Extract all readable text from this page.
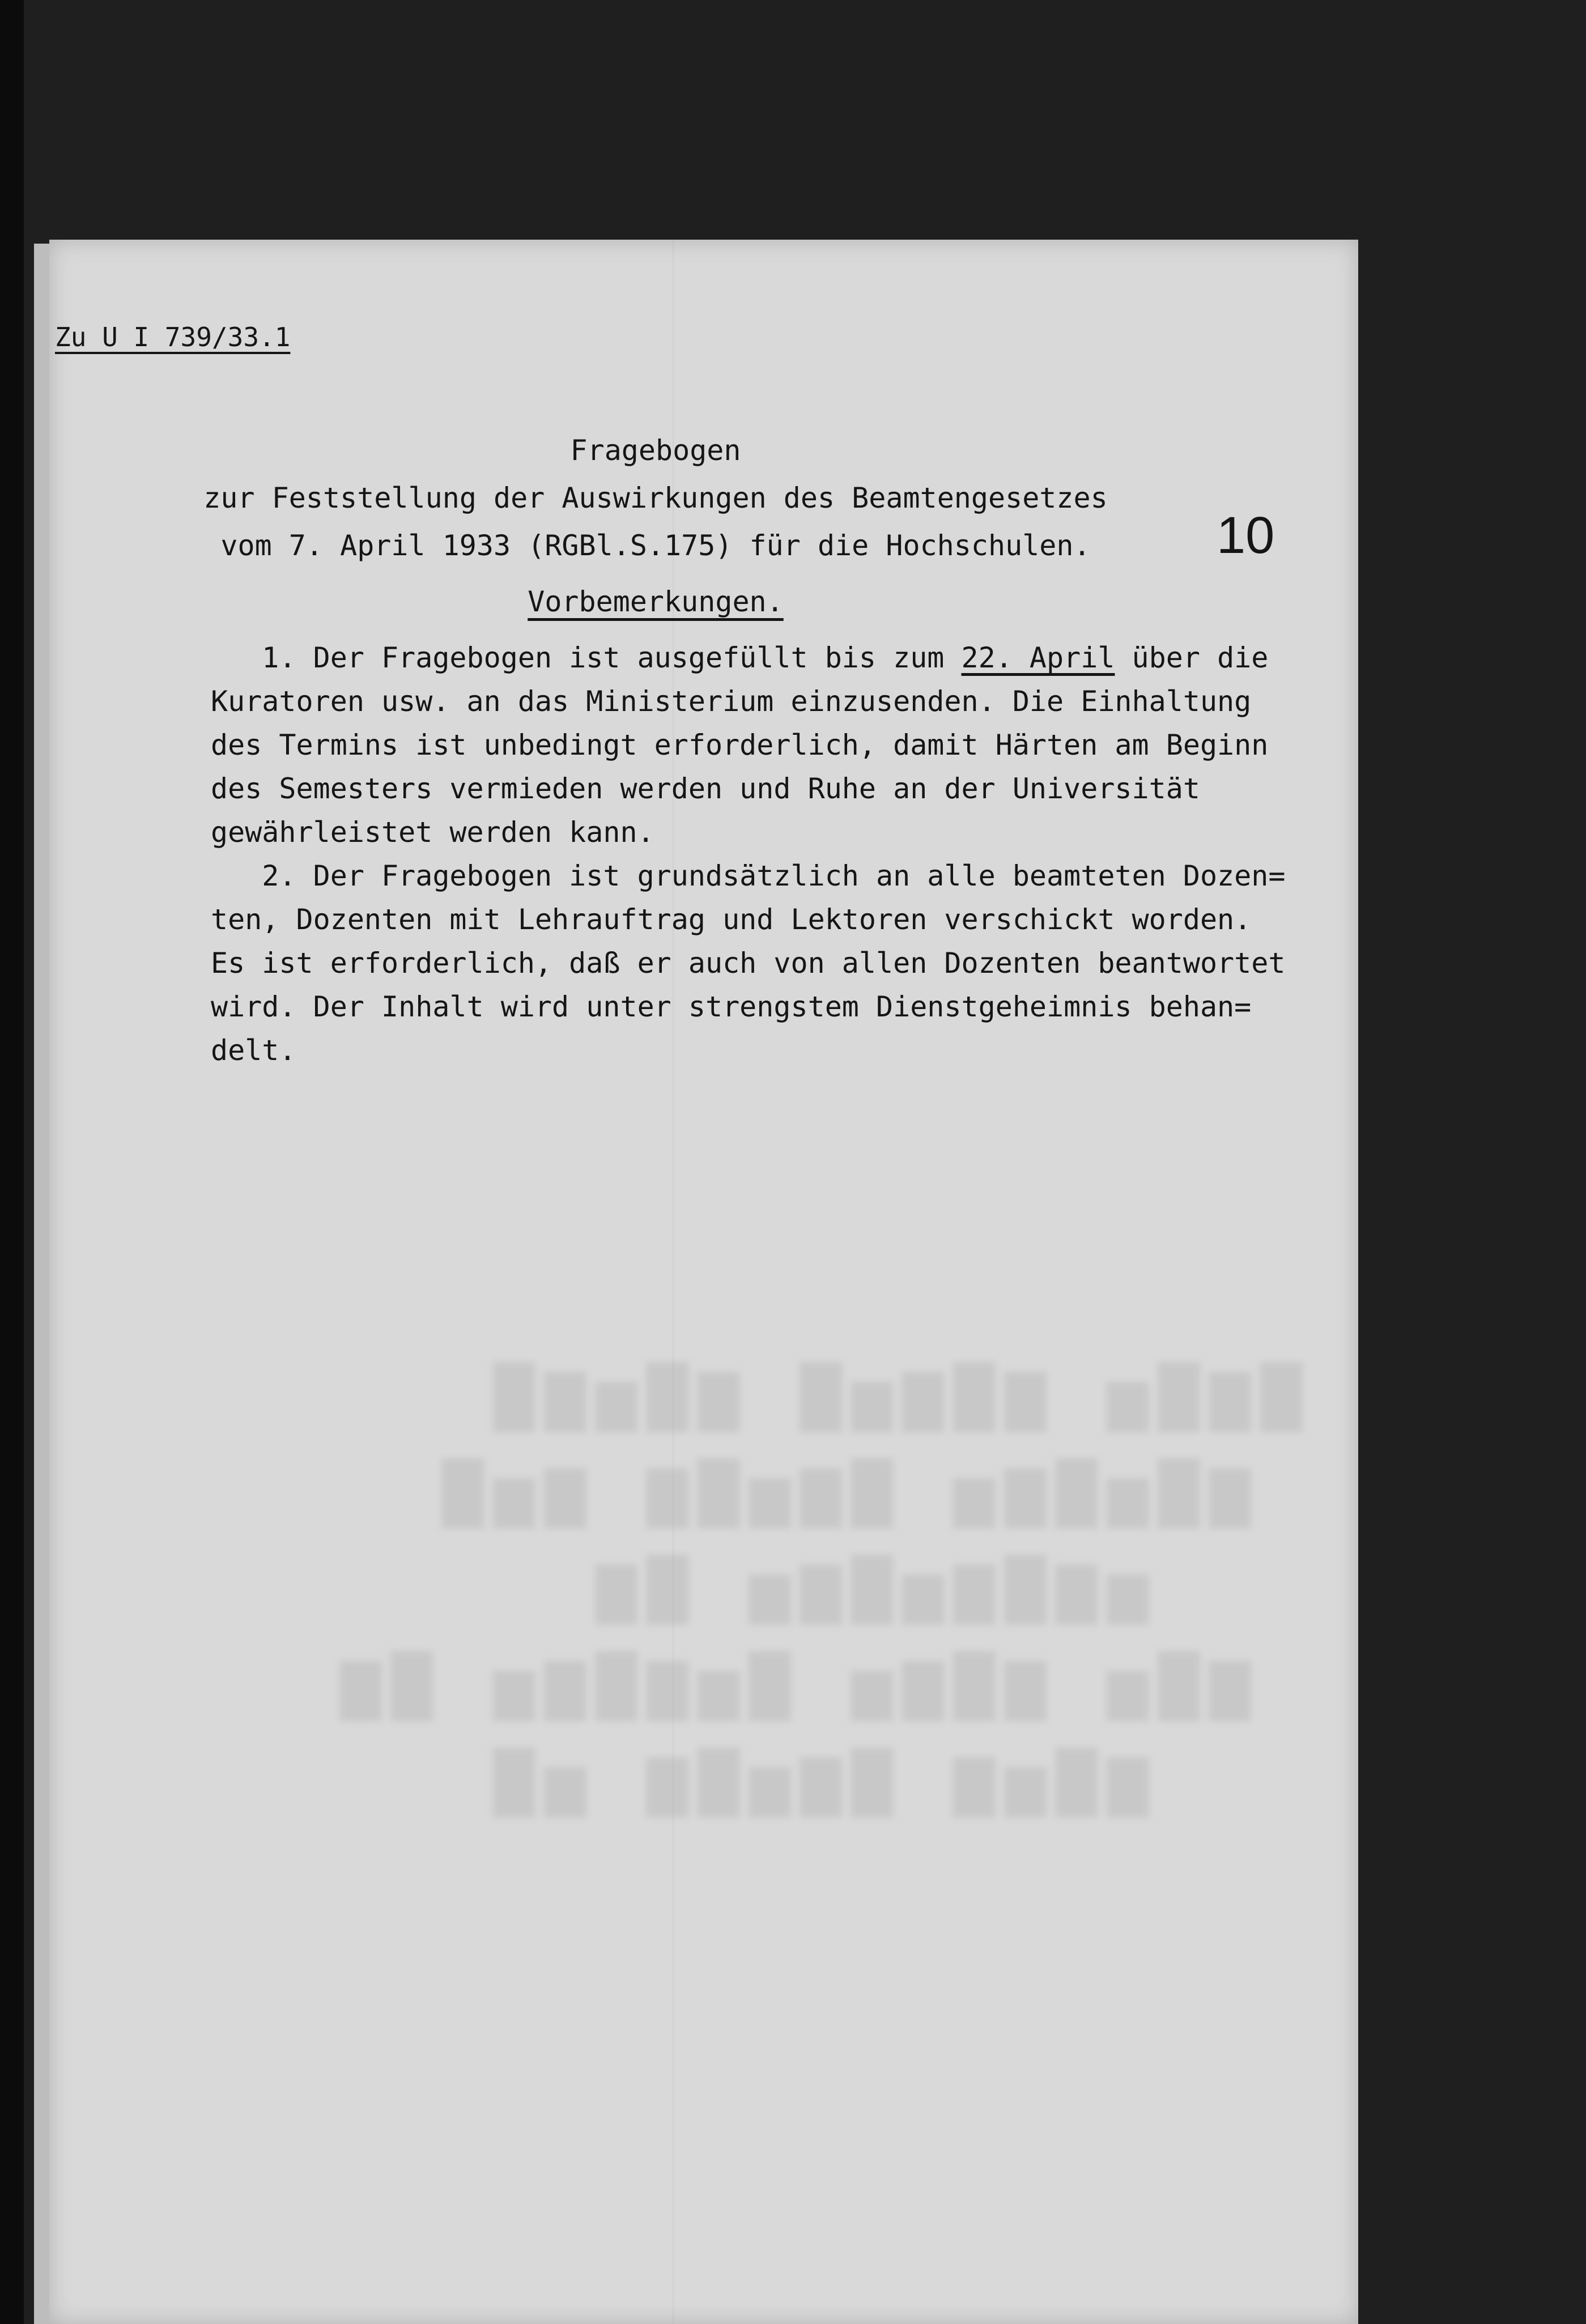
▇▆▇▅ ▆▇▆▅▇ ▆▇▅▆▇
▆▇▅▇▆▅ ▇▆▅▇▆ ▆▅▇
▅▆▇▆▅▇▆▅ ▇▆
▆▇▅ ▆▇▆▅ ▇▅▆▇▆▅ ▇▆
▆▇▅▆ ▇▆▅▇▆ ▅▇
Zu U I 739/33.1
10
Fragebogen
zur Feststellung der Auswirkungen des Beamtengesetzes
vom 7. April 1933 (RGBl.S.175) für die Hochschulen.
Vorbemerkungen.
1. Der Fragebogen ist ausgefüllt bis zum 22. April über die
Kuratoren usw. an das Ministerium einzusenden. Die Einhaltung
des Termins ist unbedingt erforderlich, damit Härten am Beginn
des Semesters vermieden werden und Ruhe an der Universität
gewährleistet werden kann.
2. Der Fragebogen ist grundsätzlich an alle beamteten Dozen=
ten, Dozenten mit Lehrauftrag und Lektoren verschickt worden.
Es ist erforderlich, daß er auch von allen Dozenten beantwortet
wird. Der Inhalt wird unter strengstem Dienstgeheimnis behan=
delt.
